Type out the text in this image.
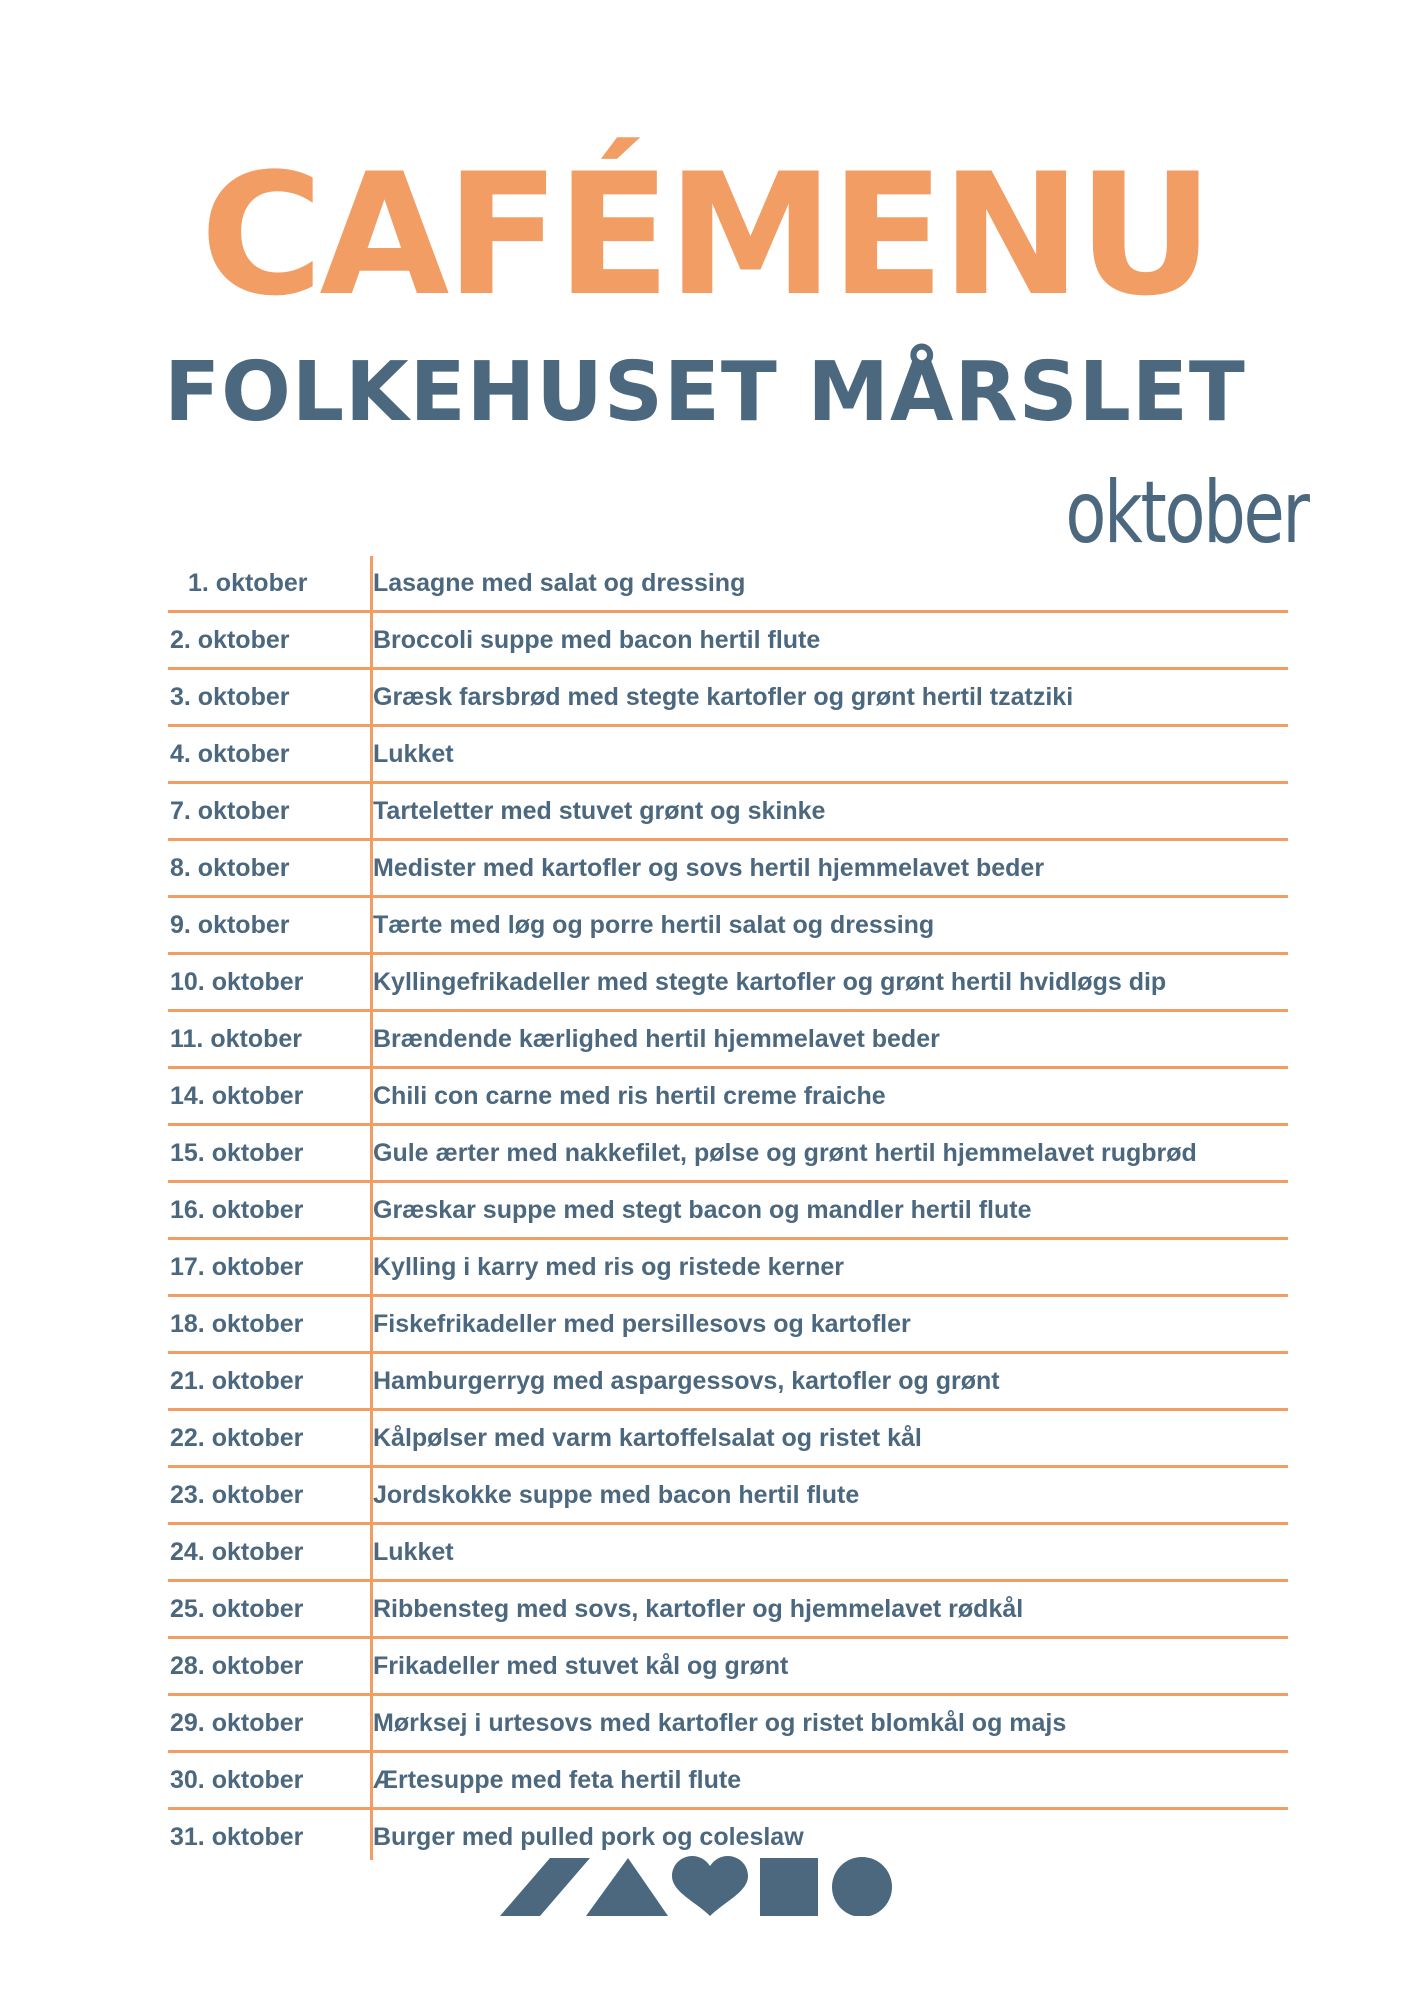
CAFÉMENU
FOLKEHUSET MÅRSLET
oktober
1. oktober	Lasagne med salat og dressing
2. oktober	Broccoli suppe med bacon hertil flute
3. oktober	Græsk farsbrød med stegte kartofler og grønt hertil tzatziki
4. oktober	Lukket
7. oktober	Tarteletter med stuvet grønt og skinke
8. oktober	Medister med kartofler og sovs hertil hjemmelavet beder
9. oktober	Tærte med løg og porre hertil salat og dressing
10. oktober	Kyllingefrikadeller med stegte kartofler og grønt hertil hvidløgs dip
11. oktober	Brændende kærlighed hertil hjemmelavet beder
14. oktober	Chili con carne med ris hertil creme fraiche
15. oktober	Gule ærter med nakkefilet, pølse og grønt hertil hjemmelavet rugbrød
16. oktober	Græskar suppe med stegt bacon og mandler hertil flute
17. oktober	Kylling i karry med ris og ristede kerner
18. oktober	Fiskefrikadeller med persillesovs og kartofler
21. oktober	Hamburgerryg med aspargessovs, kartofler og grønt
22. oktober	Kålpølser med varm kartoffelsalat og ristet kål
23. oktober	Jordskokke suppe med bacon hertil flute
24. oktober	Lukket
25. oktober	Ribbensteg med sovs, kartofler og hjemmelavet rødkål
28. oktober	Frikadeller med stuvet kål og grønt
29. oktober	Mørksej i urtesovs med kartofler og ristet blomkål og majs
30. oktober	Ærtesuppe med feta hertil flute
31. oktober	Burger med pulled pork og coleslaw
